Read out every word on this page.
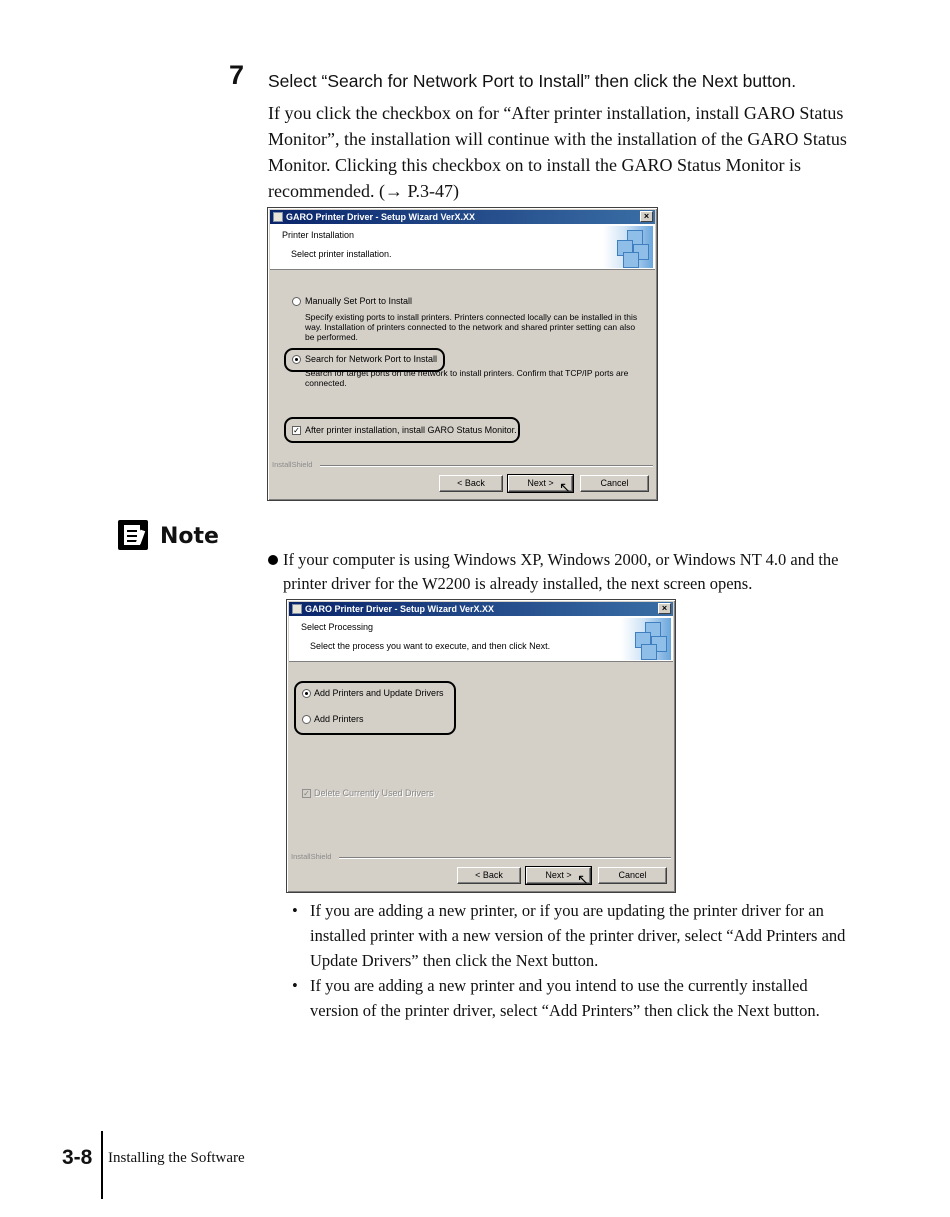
7 Select “Search for Network Port to Install” then click the Next button.
If you click the checkbox on for “After printer installation, install GARO Status Monitor”, the installation will continue with the installation of the GARO Status Monitor. Clicking this checkbox on to install the GARO Status Monitor is recommended. (→ P.3-47)
GARO Printer Driver - Setup Wizard VerX.XX	×
Printer Installation
Select printer installation.
Manually Set Port to Install
Specify existing ports to install printers. Printers connected locally can be installed in this way. Installation of printers connected to the network and shared printer setting can also be performed.
Search for Network Port to Install
Search for target ports on the network to install printers. Confirm that TCP/IP ports are connected.
✓ After printer installation, install GARO Status Monitor.
InstallShield
< Back	Next > ↖	Cancel
Note
If your computer is using Windows XP, Windows 2000, or Windows NT 4.0 and the printer driver for the W2200 is already installed, the next screen opens.
GARO Printer Driver - Setup Wizard VerX.XX	×
Select Processing
Select the process you want to execute, and then click Next.
Add Printers and Update Drivers
Add Printers
✓ Delete Currently Used Drivers
InstallShield
< Back	Next > ↖	Cancel
• If you are adding a new printer, or if you are updating the printer driver for an installed printer with a new version of the printer driver, select “Add Printers and Update Drivers” then click the Next button.
• If you are adding a new printer and you intend to use the currently installed version of the printer driver, select “Add Printers” then click the Next button.
3-8 Installing the Software
